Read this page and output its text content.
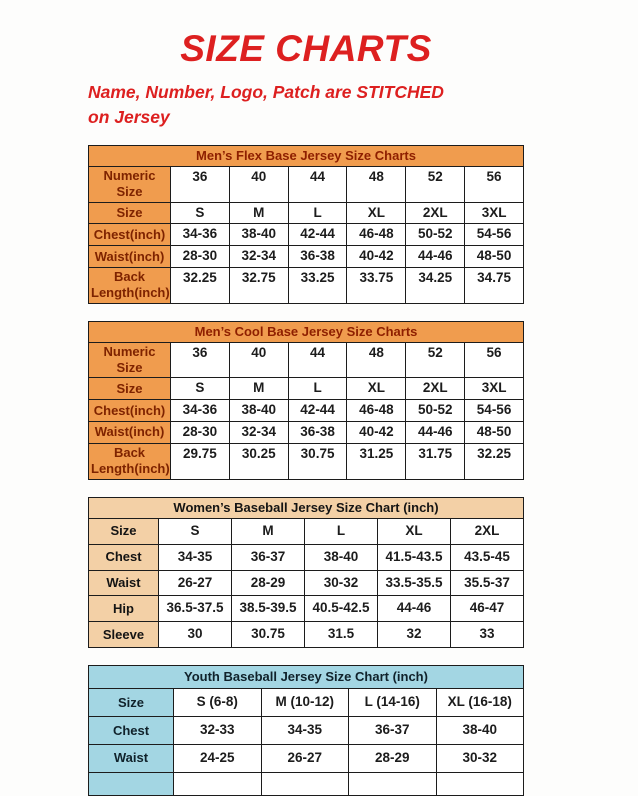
SIZE CHARTS

Name, Number, Logo, Patch are STITCHED
on Jersey

Men’s Flex Base Jersey Size Charts						
Numeric Size	36	40	44	48	52	56
Size	S	M	L	XL	2XL	3XL
Chest(inch)	34-36	38-40	42-44	46-48	50-52	54-56
Waist(inch)	28-30	32-34	36-38	40-42	44-46	48-50
Back Length(inch)	32.25	32.75	33.25	33.75	34.25	34.75
Men’s Cool Base Jersey Size Charts						
Numeric Size	36	40	44	48	52	56
Size	S	M	L	XL	2XL	3XL
Chest(inch)	34-36	38-40	42-44	46-48	50-52	54-56
Waist(inch)	28-30	32-34	36-38	40-42	44-46	48-50
Back Length(inch)	29.75	30.25	30.75	31.25	31.75	32.25
Women’s Baseball Jersey Size Chart (inch)					
Size	S	M	L	XL	2XL
Chest	34-35	36-37	38-40	41.5-43.5	43.5-45
Waist	26-27	28-29	30-32	33.5-35.5	35.5-37
Hip	36.5-37.5	38.5-39.5	40.5-42.5	44-46	46-47
Sleeve	30	30.75	31.5	32	33
Youth Baseball Jersey Size Chart (inch)				
Size	S (6-8)	M (10-12)	L (14-16)	XL (16-18)
Chest	32-33	34-35	36-37	38-40
Waist	24-25	26-27	28-29	30-32
